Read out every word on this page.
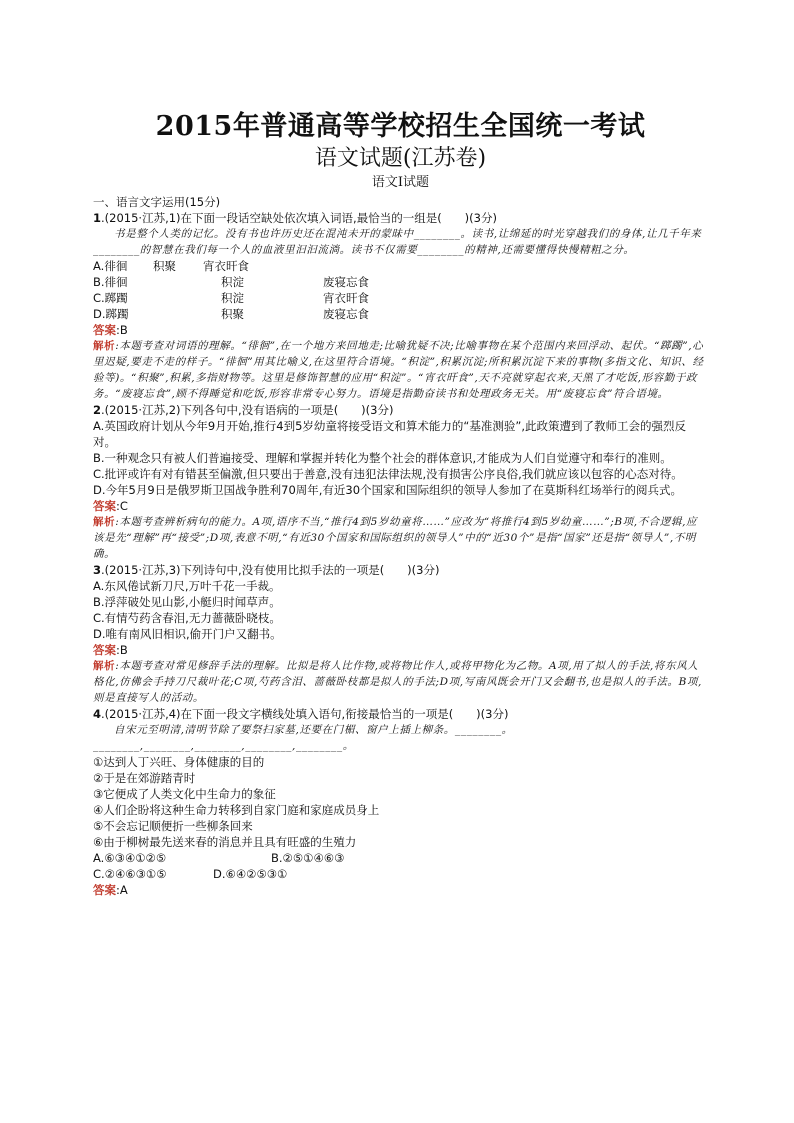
2015年普通高等学校招生全国统一考试
语文试题(江苏卷)
语文Ⅰ试题
一、语言文字运用(15分)
1.(2015·江苏,1)在下面一段话空缺处依次填入词语,最恰当的一组是(　　)(3分)
书是整个人类的记忆。没有书也许历史还在混沌未开的蒙昧中________。读书,让绵延的时光穿越我们的身体,让几千年来________的智慧在我们每一个人的血液里汩汩流淌。读书不仅需要________的精神,还需要懂得快慢精粗之分。
A.徘徊	积聚	宵衣旰食
B.徘徊	积淀	废寝忘食
C.踯躅	积淀	宵衣旰食
D.踯躅	积聚	废寝忘食
答案:B
解析:本题考查对词语的理解。“徘徊”,在一个地方来回地走;比喻犹疑不决;比喻事物在某个范围内来回浮动、起伏。“踯躅”,心里迟疑,要走不走的样子。“徘徊”用其比喻义,在这里符合语境。“积淀”,积累沉淀;所积累沉淀下来的事物(多指文化、知识、经验等)。“积聚”,积累,多指财物等。这里是修饰智慧的应用“积淀”。“宵衣旰食”,天不亮就穿起衣来,天黑了才吃饭,形容勤于政务。“废寝忘食”,顾不得睡觉和吃饭,形容非常专心努力。语境是指勤奋读书和处理政务无关。用“废寝忘食”符合语境。
2.(2015·江苏,2)下列各句中,没有语病的一项是(　　)(3分)
A.英国政府计划从今年9月开始,推行4到5岁幼童将接受语文和算术能力的“基准测验”,此政策遭到了教师工会的强烈反对。
B.一种观念只有被人们普遍接受、理解和掌握并转化为整个社会的群体意识,才能成为人们自觉遵守和奉行的准则。
C.批评或许有对有错甚至偏激,但只要出于善意,没有违犯法律法规,没有损害公序良俗,我们就应该以包容的心态对待。
D.今年5月9日是俄罗斯卫国战争胜利70周年,有近30个国家和国际组织的领导人参加了在莫斯科红场举行的阅兵式。
答案:C
解析:本题考查辨析病句的能力。A项,语序不当,“推行4到5岁幼童将……”应改为“将推行4到5岁幼童……”;B项,不合逻辑,应该是先“理解”再“接受”;D项,表意不明,“有近30个国家和国际组织的领导人”中的“近30个”是指“国家”还是指“领导人”,不明确。
3.(2015·江苏,3)下列诗句中,没有使用比拟手法的一项是(　　)(3分)
A.东风倦试新刀尺,万叶千花一手裁。
B.浮萍破处见山影,小艇归时闻草声。
C.有情芍药含春泪,无力蔷薇卧晓枝。
D.唯有南风旧相识,偷开门户又翻书。
答案:B
解析:本题考查对常见修辞手法的理解。比拟是将人比作物,或将物比作人,或将甲物化为乙物。A项,用了拟人的手法,将东风人格化,仿佛会手持刀尺裁叶花;C项,芍药含泪、蔷薇卧枝都是拟人的手法;D项,写南风既会开门又会翻书,也是拟人的手法。B项,则是直接写人的活动。
4.(2015·江苏,4)在下面一段文字横线处填入语句,衔接最恰当的一项是(　　)(3分)
自宋元至明清,清明节除了要祭扫家墓,还要在门楣、窗户上插上柳条。________。________,________,________,________,________。
①达到人丁兴旺、身体健康的目的
②于是在郊游踏青时
③它便成了人类文化中生命力的象征
④人们企盼将这种生命力转移到自家门庭和家庭成员身上
⑤不会忘记顺便折一些柳条回来
⑥由于柳树最先送来春的消息并且具有旺盛的生殖力
A.⑥③④①②⑤	B.②⑤①④⑥③
C.②④⑥③①⑤	D.⑥④②⑤③①
答案:A
